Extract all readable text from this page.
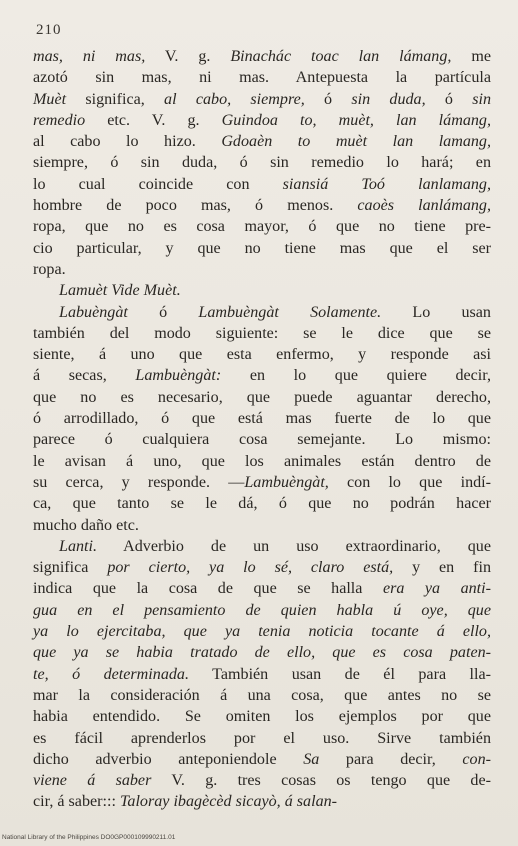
210
mas, ni mas, V. g. Binachác toac lan lámang, me
azotó sin mas, ni mas. Antepuesta la partícula
Muèt significa, al cabo, siempre, ó sin duda, ó sin
remedio etc. V. g. Guindoa to, muèt, lan lámang,
al cabo lo hizo. Gdoaèn to muèt lan lamang,
siempre, ó sin duda, ó sin remedio lo hará; en
lo cual coincide con siansiá Toó lanlamang,
hombre de poco mas, ó menos. caoès lanlámang,
ropa, que no es cosa mayor, ó que no tiene pre-
cio particular, y que no tiene mas que el ser
ropa.
Lamuèt Vide Muèt.
Labuèngàt ó Lambuèngàt Solamente. Lo usan
también del modo siguiente: se le dice que se
siente, á uno que esta enfermo, y responde asi
á secas, Lambuèngàt: en lo que quiere decir,
que no es necesario, que puede aguantar derecho,
ó arrodillado, ó que está mas fuerte de lo que
parece ó cualquiera cosa semejante. Lo mismo:
le avisan á uno, que los animales están dentro de
su cerca, y responde. —Lambuèngàt, con lo que indí-
ca, que tanto se le dá, ó que no podrán hacer
mucho daño etc.
Lanti. Adverbio de un uso extraordinario, que
significa por cierto, ya lo sé, claro está, y en fin
indica que la cosa de que se halla era ya anti-
gua en el pensamiento de quien habla ú oye, que
ya lo ejercitaba, que ya tenia noticia tocante á ello,
que ya se habia tratado de ello, que es cosa paten-
te, ó determinada. También usan de él para lla-
mar la consideración á una cosa, que antes no se
habia entendido. Se omiten los ejemplos por que
es fácil aprenderlos por el uso. Sirve también
dicho adverbio anteponiendole Sa para decir, con-
viene á saber V. g. tres cosas os tengo que de-
cir, á saber::: Taloray ibagècèd sicayò, á salan-
National Library of the Philippines DO0GP000109990211.01
